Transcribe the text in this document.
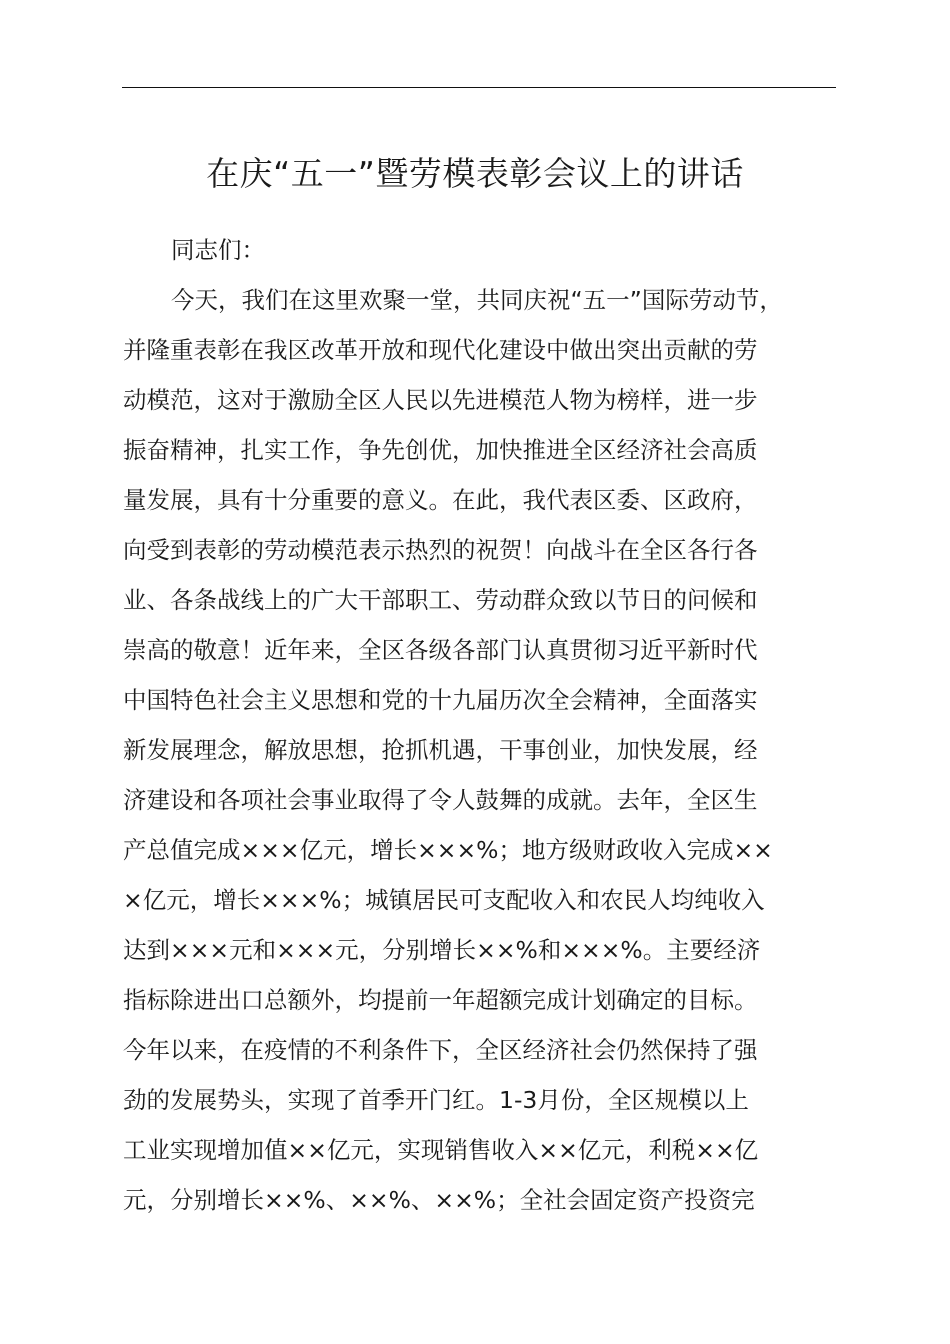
在庆“五一”暨劳模表彰会议上的讲话
同志们：
今天，我们在这里欢聚一堂，共同庆祝“五一”国际劳动节，
并隆重表彰在我区改革开放和现代化建设中做出突出贡献的劳
动模范，这对于激励全区人民以先进模范人物为榜样，进一步
振奋精神，扎实工作，争先创优，加快推进全区经济社会高质
量发展，具有十分重要的意义。在此，我代表区委、区政府，
向受到表彰的劳动模范表示热烈的祝贺！向战斗在全区各行各
业、各条战线上的广大干部职工、劳动群众致以节日的问候和
崇高的敬意！近年来，全区各级各部门认真贯彻习近平新时代
中国特色社会主义思想和党的十九届历次全会精神，全面落实
新发展理念，解放思想，抢抓机遇，干事创业，加快发展，经
济建设和各项社会事业取得了令人鼓舞的成就。去年，全区生
产总值完成×××亿元，增长×××%；地方级财政收入完成××
×亿元，增长×××%；城镇居民可支配收入和农民人均纯收入
达到×××元和×××元，分别增长××%和×××%。主要经济
指标除进出口总额外，均提前一年超额完成计划确定的目标。
今年以来，在疫情的不利条件下，全区经济社会仍然保持了强
劲的发展势头，实现了首季开门红。1-3月份，全区规模以上
工业实现增加值××亿元，实现销售收入××亿元，利税××亿
元，分别增长××%、××%、××%；全社会固定资产投资完
